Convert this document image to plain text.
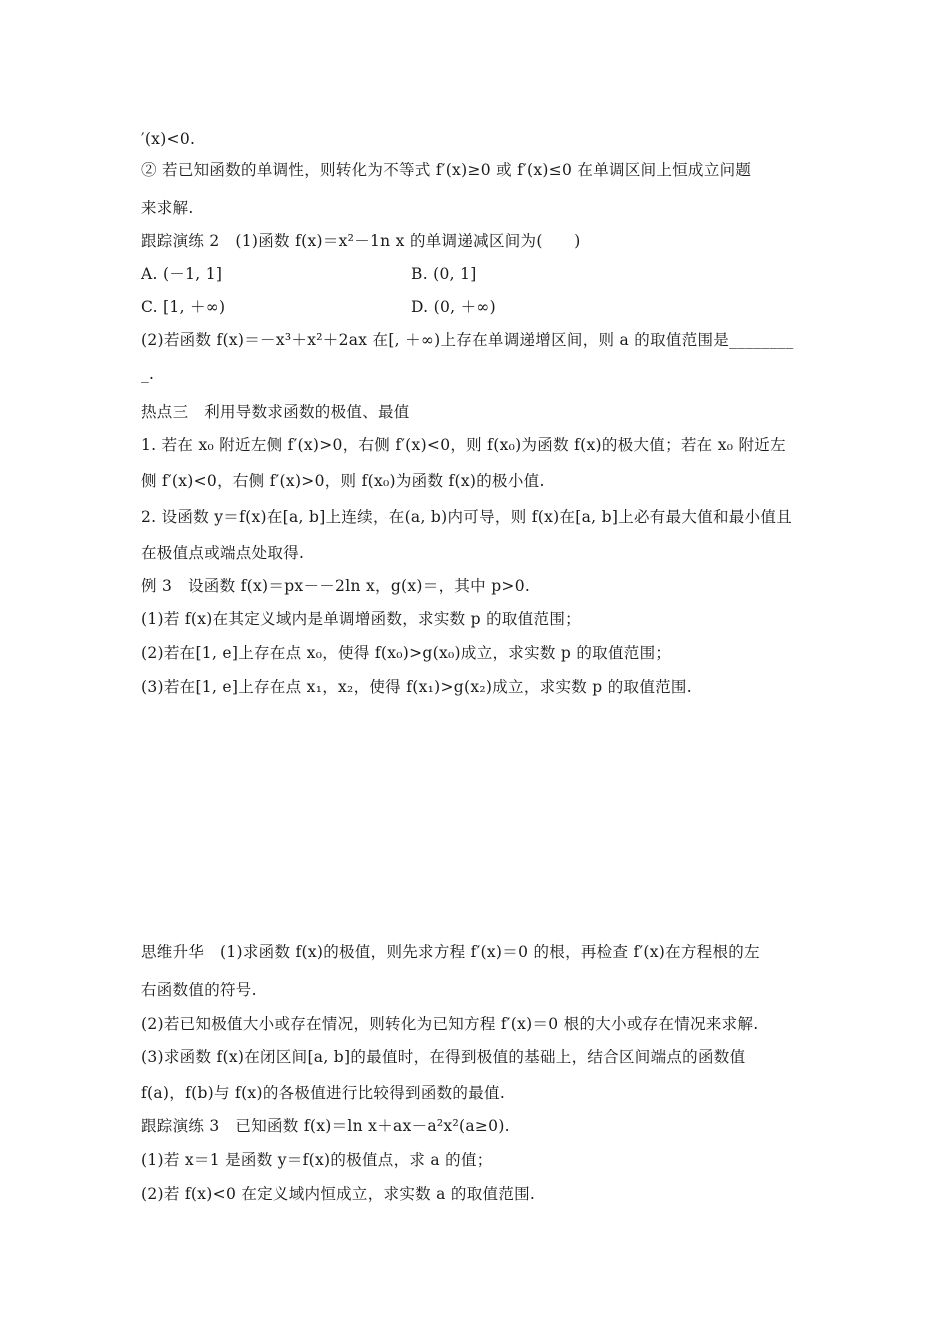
′(x)<0.
② 若已知函数的单调性，则转化为不等式 f′(x)≥0 或 f′(x)≤0 在单调区间上恒成立问题
来求解.
跟踪演练 2　(1)函数 f(x)＝x²－1n x 的单调递减区间为(　　)
A. (－1, 1]	B. (0, 1]
C. [1, ＋∞)	D. (0, ＋∞)
(2)若函数 f(x)＝－x³＋x²＋2ax 在[, ＋∞)上存在单调递增区间，则 a 的取值范围是________
_.
热点三　利用导数求函数的极值、最值
1. 若在 x₀ 附近左侧 f′(x)>0，右侧 f′(x)<0，则 f(x₀)为函数 f(x)的极大值；若在 x₀ 附近左
侧 f′(x)<0，右侧 f′(x)>0，则 f(x₀)为函数 f(x)的极小值.
2. 设函数 y＝f(x)在[a, b]上连续，在(a, b)内可导，则 f(x)在[a, b]上必有最大值和最小值且
在极值点或端点处取得.
例 3　设函数 f(x)＝px－－2ln x，g(x)＝，其中 p>0.
(1)若 f(x)在其定义域内是单调增函数，求实数 p 的取值范围；
(2)若在[1, e]上存在点 x₀，使得 f(x₀)>g(x₀)成立，求实数 p 的取值范围；
(3)若在[1, e]上存在点 x₁，x₂，使得 f(x₁)>g(x₂)成立，求实数 p 的取值范围.
思维升华　(1)求函数 f(x)的极值，则先求方程 f′(x)＝0 的根，再检查 f′(x)在方程根的左
右函数值的符号.
(2)若已知极值大小或存在情况，则转化为已知方程 f′(x)＝0 根的大小或存在情况来求解.
(3)求函数 f(x)在闭区间[a, b]的最值时，在得到极值的基础上，结合区间端点的函数值
f(a)，f(b)与 f(x)的各极值进行比较得到函数的最值.
跟踪演练 3　已知函数 f(x)＝ln x＋ax－a²x²(a≥0).
(1)若 x＝1 是函数 y＝f(x)的极值点，求 a 的值；
(2)若 f(x)<0 在定义域内恒成立，求实数 a 的取值范围.
